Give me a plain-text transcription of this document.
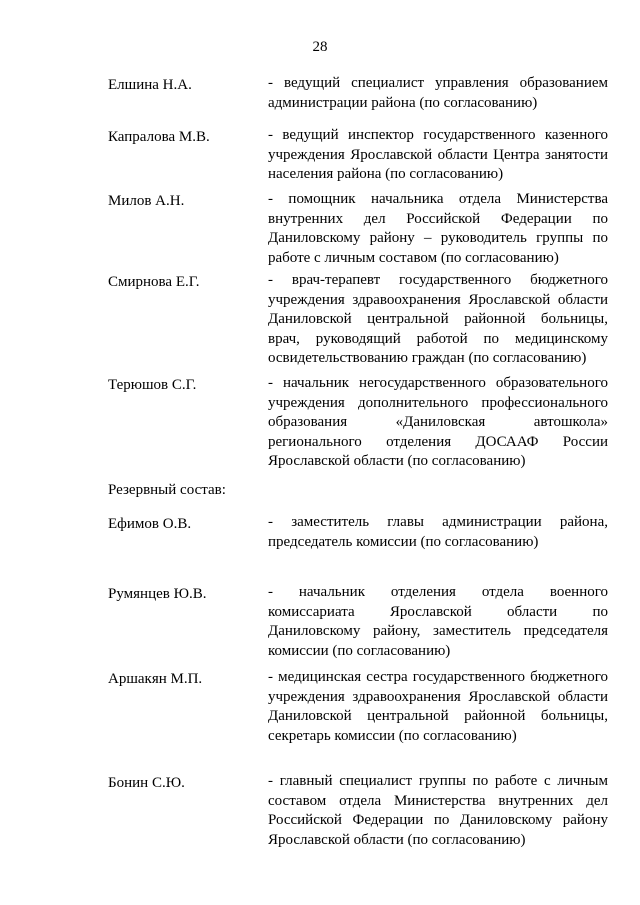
28
Елшина Н.А.	- ведущий специалист управления образованием администрации района (по согласованию)
Капралова М.В.	- ведущий инспектор государственного казенного учреждения Ярославской области Центра занятости населения района (по согласованию)
Милов А.Н.	- помощник начальника отдела Министерства внутренних дел Российской Федерации по Даниловскому району – руководитель группы по работе с личным составом (по согласованию)
Смирнова Е.Г.	- врач-терапевт государственного бюджетного учреждения здравоохранения Ярославской области Даниловской центральной районной больницы, врач, руководящий работой по медицинскому освидетельствованию граждан (по согласованию)
Терюшов С.Г.	- начальник негосударственного образовательного учреждения дополнительного профессионального образования «Даниловская автошкола» регионального отделения ДОСААФ России Ярославской области (по согласованию)
Резервный состав:
Ефимов О.В.	- заместитель главы администрации района, председатель комиссии (по согласованию)
Румянцев Ю.В.	- начальник отделения отдела военного комиссариата Ярославской области по Даниловскому району, заместитель председателя комиссии (по согласованию)
Аршакян М.П.	- медицинская сестра государственного бюджетного учреждения здравоохранения Ярославской области Даниловской центральной районной больницы, секретарь комиссии (по согласованию)
Бонин С.Ю.	- главный специалист группы по работе с личным составом отдела Министерства внутренних дел Российской Федерации по Даниловскому району Ярославской области (по согласованию)
